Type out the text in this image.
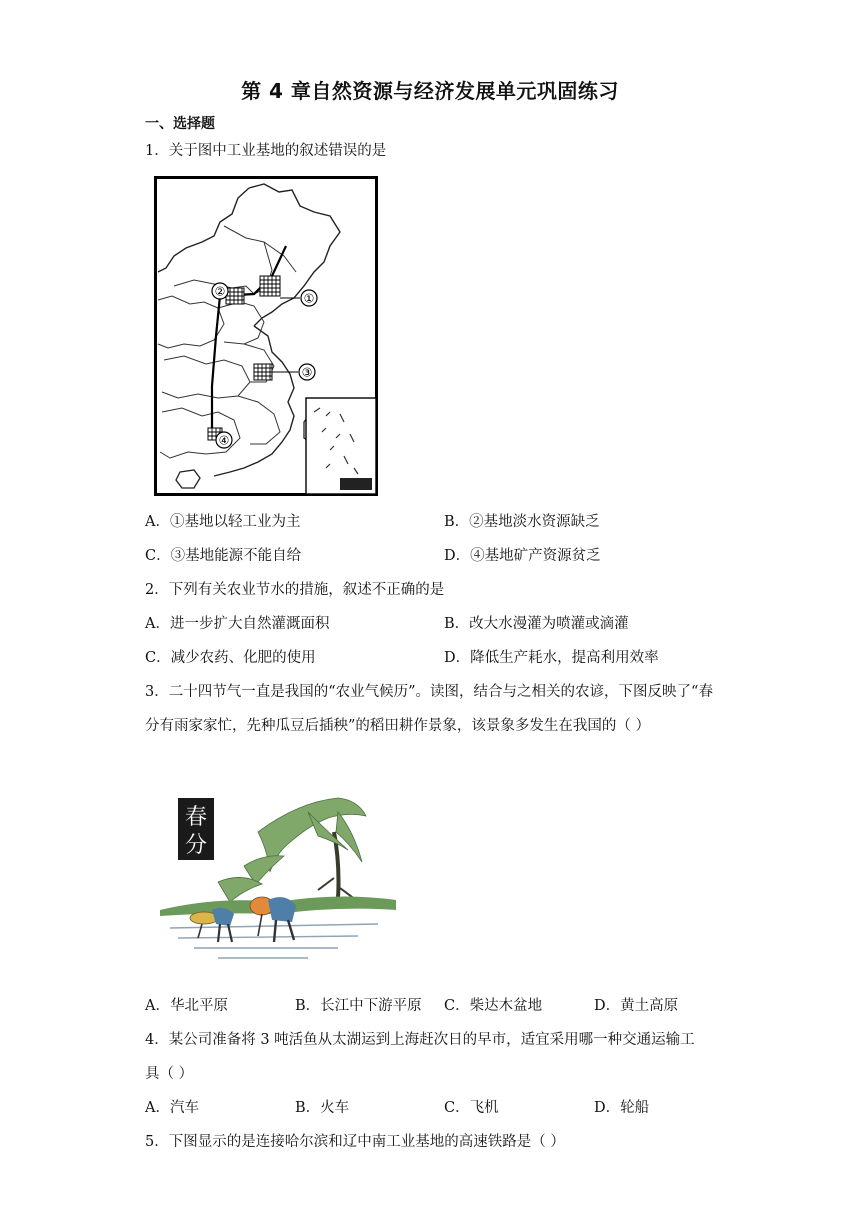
第 4 章自然资源与经济发展单元巩固练习
一、选择题
1．关于图中工业基地的叙述错误的是
①
②
③
④
A．①基地以轻工业为主	B．②基地淡水资源缺乏
C．③基地能源不能自给	D．④基地矿产资源贫乏
2．下列有关农业节水的措施，叙述不正确的是
A．进一步扩大自然灌溉面积	B．改大水漫灌为喷灌或滴灌
C．减少农药、化肥的使用	D．降低生产耗水，提高利用效率
3．二十四节气一直是我国的“农业气候历”。读图，结合与之相关的农谚，下图反映了“春
分有雨家家忙，先种瓜豆后插秧”的稻田耕作景象，该景象多发生在我国的（ ）
春
分
A．华北平原	B．长江中下游平原 C．柴达木盆地	D．黄土高原
4．某公司准备将 3 吨活鱼从太湖运到上海赶次日的早市，适宜采用哪一种交通运输工
具（ ）
A．汽车	B．火车	C．飞机	D．轮船
5．下图显示的是连接哈尔滨和辽中南工业基地的高速铁路是（ ）
